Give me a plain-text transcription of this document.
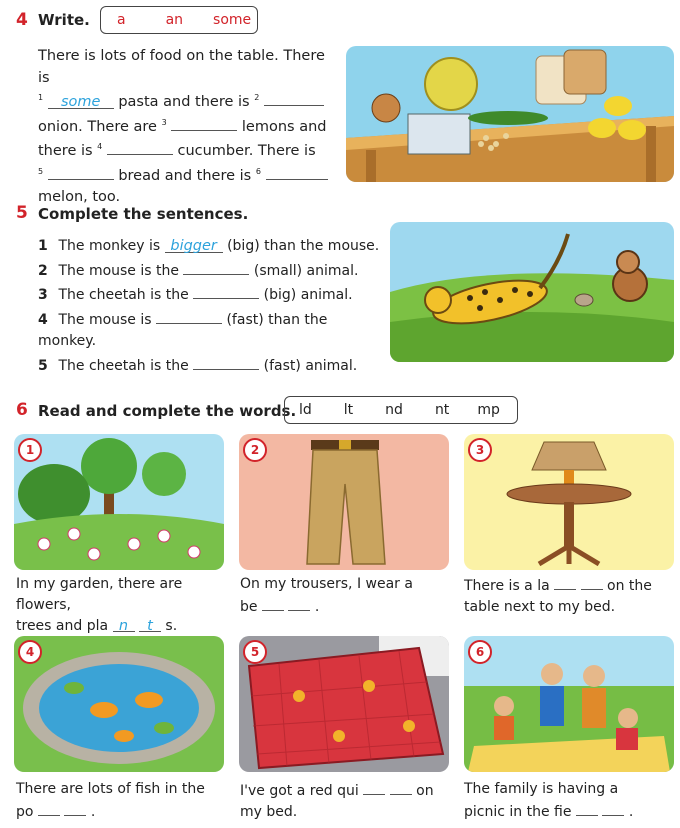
4 Write. a	an some
There is lots of food on the table. There is
$^1$ some pasta and there is $^2$
onion. There are $^3$	lemons and
there is $^4$	cucumber. There is
$^5$	bread and there is $^6$
melon, too.
5 Complete the sentences.
1 The monkey is bigger (big) than the mouse.
2 The mouse is the	(small) animal.
3 The cheetah is the	(big) animal.
4 The mouse is	(fast) than the monkey.
5 The cheetah is the	(fast) animal.
6 Read and complete the words. ld lt nd nt mp
1	2	3
In my garden, there are flowers,
trees and pla n t s.
On my trousers, I wear a
be	.
There is a la	on the
table next to my bed.
4	5	6
There are lots of fish in the
po	.
I've got a red qui	on
my bed.
The family is having a
picnic in the fie	.
